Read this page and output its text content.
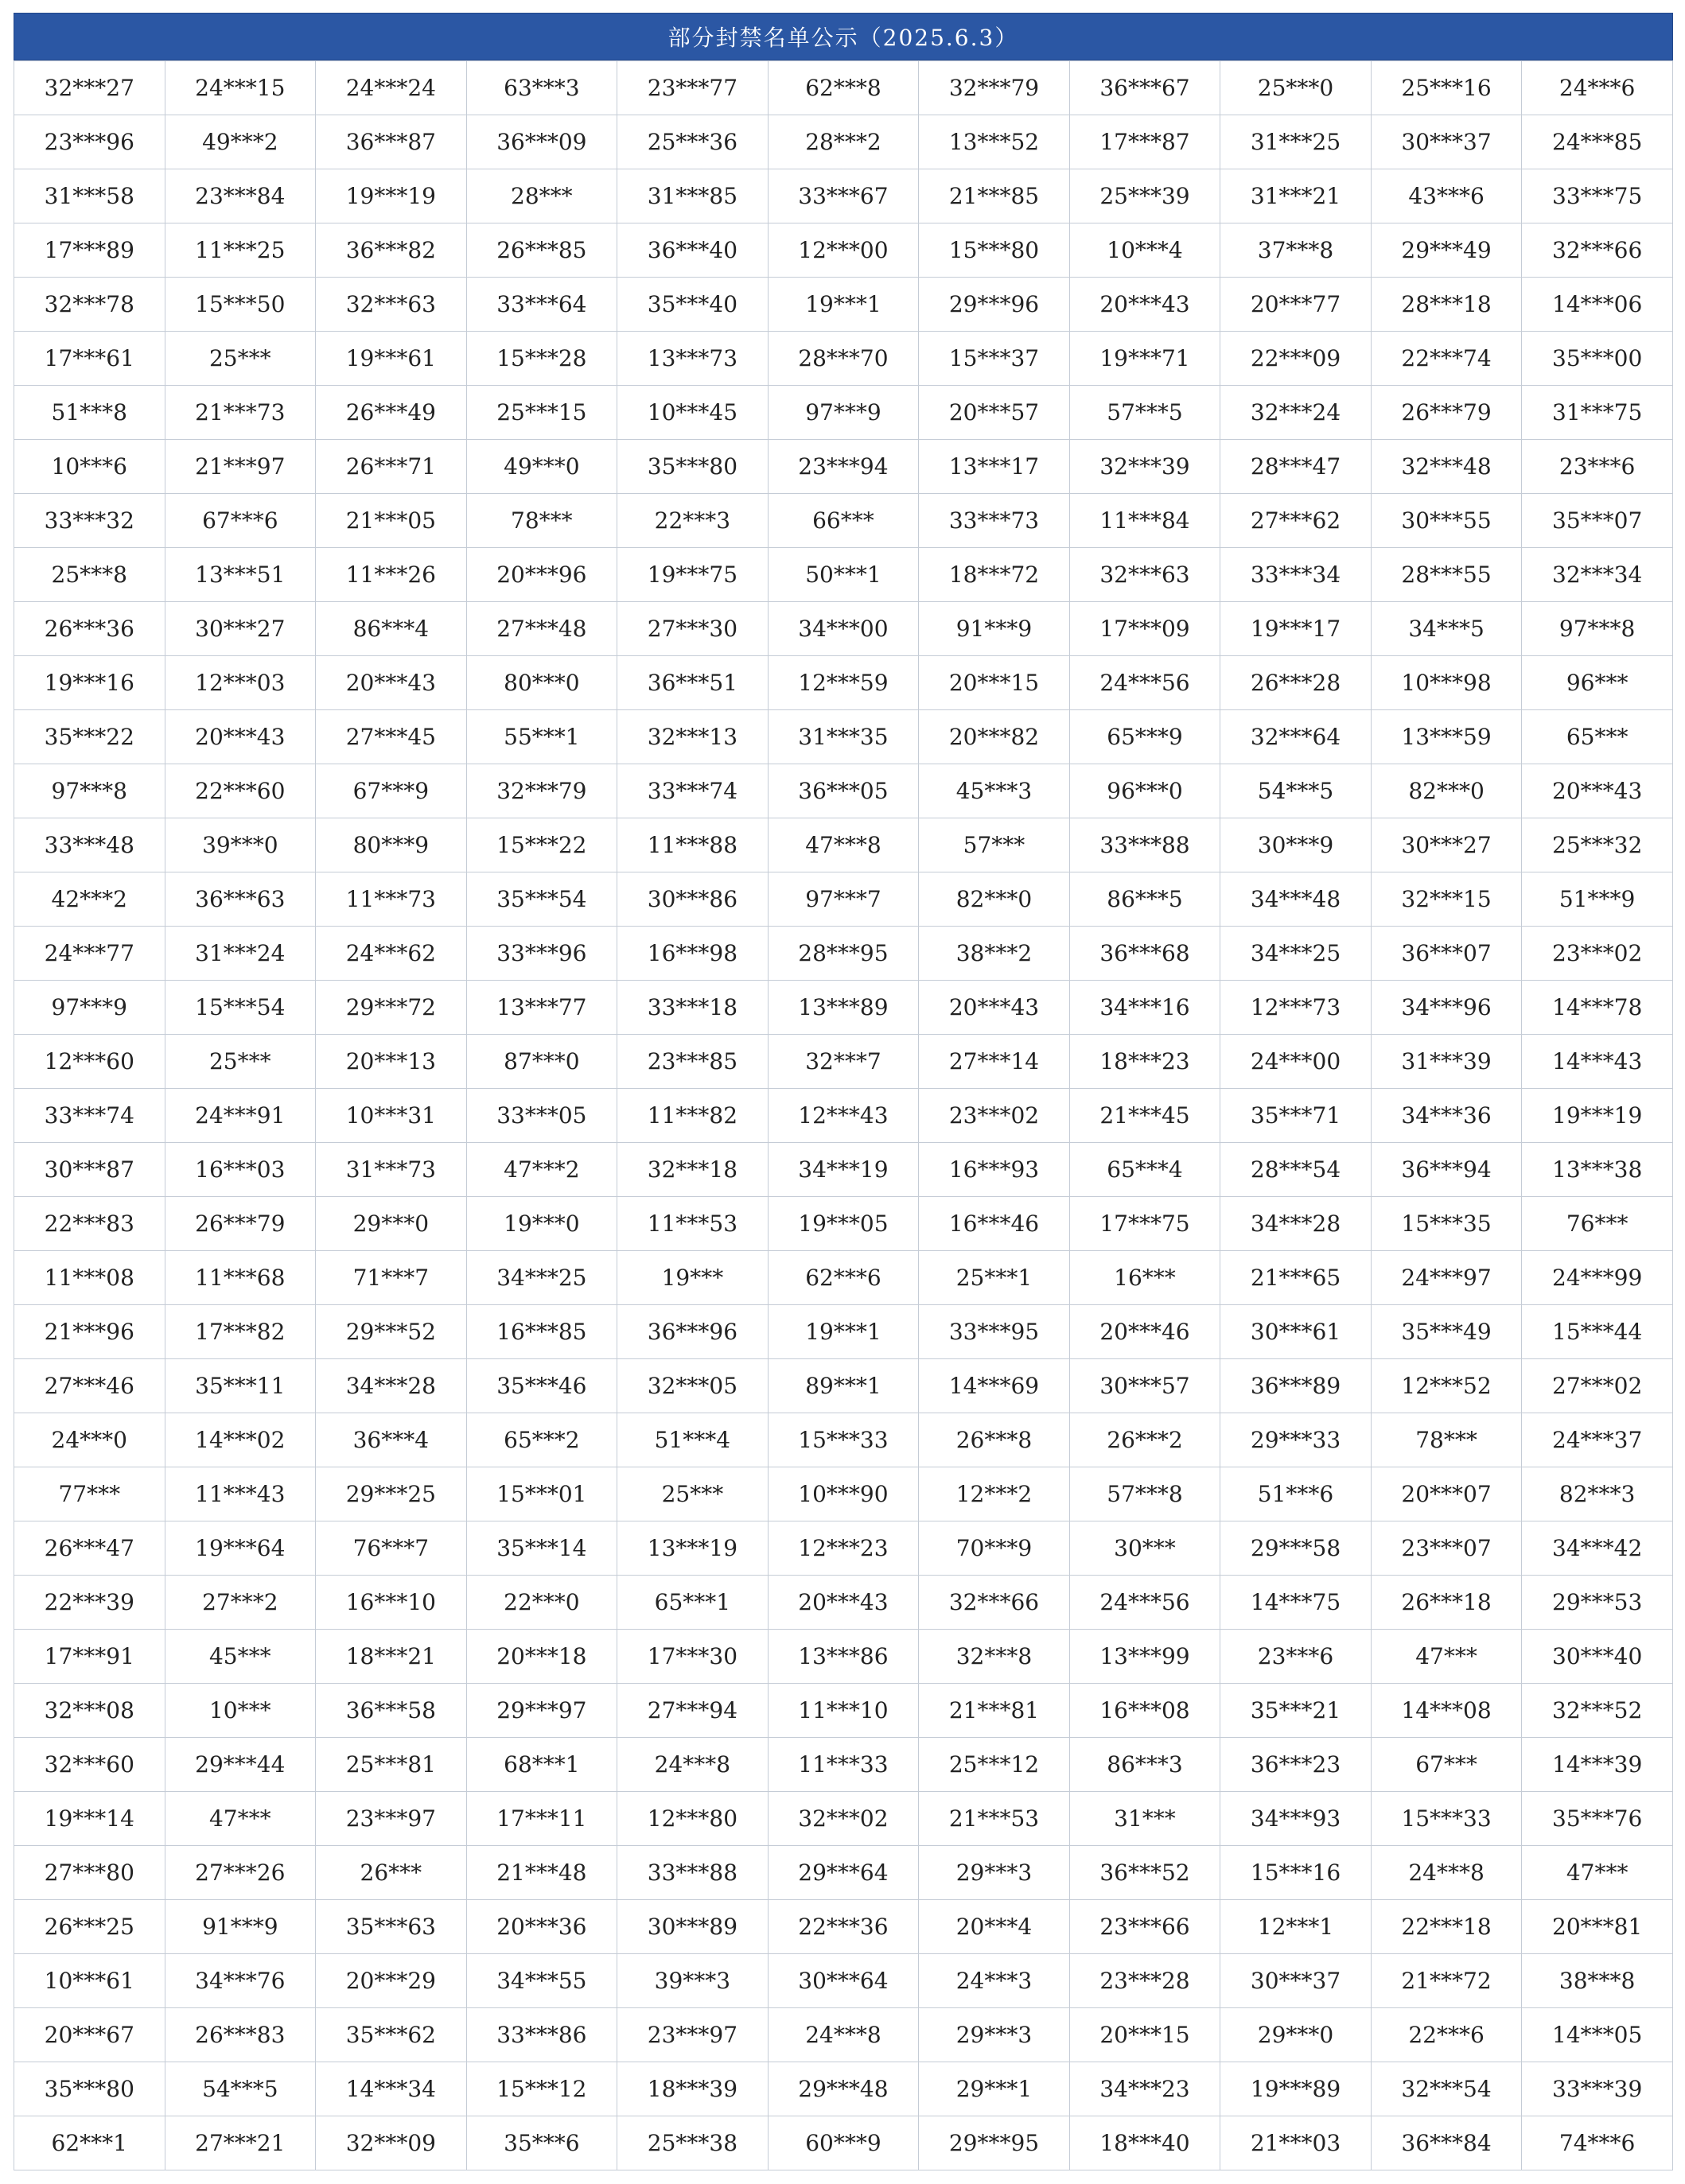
部分封禁名单公示（2025.6.3）
32***27	24***15	24***24	63***3	23***77	62***8	32***79	36***67	25***0	25***16	24***6
23***96	49***2	36***87	36***09	25***36	28***2	13***52	17***87	31***25	30***37	24***85
31***58	23***84	19***19	28***	31***85	33***67	21***85	25***39	31***21	43***6	33***75
17***89	11***25	36***82	26***85	36***40	12***00	15***80	10***4	37***8	29***49	32***66
32***78	15***50	32***63	33***64	35***40	19***1	29***96	20***43	20***77	28***18	14***06
17***61	25***	19***61	15***28	13***73	28***70	15***37	19***71	22***09	22***74	35***00
51***8	21***73	26***49	25***15	10***45	97***9	20***57	57***5	32***24	26***79	31***75
10***6	21***97	26***71	49***0	35***80	23***94	13***17	32***39	28***47	32***48	23***6
33***32	67***6	21***05	78***	22***3	66***	33***73	11***84	27***62	30***55	35***07
25***8	13***51	11***26	20***96	19***75	50***1	18***72	32***63	33***34	28***55	32***34
26***36	30***27	86***4	27***48	27***30	34***00	91***9	17***09	19***17	34***5	97***8
19***16	12***03	20***43	80***0	36***51	12***59	20***15	24***56	26***28	10***98	96***
35***22	20***43	27***45	55***1	32***13	31***35	20***82	65***9	32***64	13***59	65***
97***8	22***60	67***9	32***79	33***74	36***05	45***3	96***0	54***5	82***0	20***43
33***48	39***0	80***9	15***22	11***88	47***8	57***	33***88	30***9	30***27	25***32
42***2	36***63	11***73	35***54	30***86	97***7	82***0	86***5	34***48	32***15	51***9
24***77	31***24	24***62	33***96	16***98	28***95	38***2	36***68	34***25	36***07	23***02
97***9	15***54	29***72	13***77	33***18	13***89	20***43	34***16	12***73	34***96	14***78
12***60	25***	20***13	87***0	23***85	32***7	27***14	18***23	24***00	31***39	14***43
33***74	24***91	10***31	33***05	11***82	12***43	23***02	21***45	35***71	34***36	19***19
30***87	16***03	31***73	47***2	32***18	34***19	16***93	65***4	28***54	36***94	13***38
22***83	26***79	29***0	19***0	11***53	19***05	16***46	17***75	34***28	15***35	76***
11***08	11***68	71***7	34***25	19***	62***6	25***1	16***	21***65	24***97	24***99
21***96	17***82	29***52	16***85	36***96	19***1	33***95	20***46	30***61	35***49	15***44
27***46	35***11	34***28	35***46	32***05	89***1	14***69	30***57	36***89	12***52	27***02
24***0	14***02	36***4	65***2	51***4	15***33	26***8	26***2	29***33	78***	24***37
77***	11***43	29***25	15***01	25***	10***90	12***2	57***8	51***6	20***07	82***3
26***47	19***64	76***7	35***14	13***19	12***23	70***9	30***	29***58	23***07	34***42
22***39	27***2	16***10	22***0	65***1	20***43	32***66	24***56	14***75	26***18	29***53
17***91	45***	18***21	20***18	17***30	13***86	32***8	13***99	23***6	47***	30***40
32***08	10***	36***58	29***97	27***94	11***10	21***81	16***08	35***21	14***08	32***52
32***60	29***44	25***81	68***1	24***8	11***33	25***12	86***3	36***23	67***	14***39
19***14	47***	23***97	17***11	12***80	32***02	21***53	31***	34***93	15***33	35***76
27***80	27***26	26***	21***48	33***88	29***64	29***3	36***52	15***16	24***8	47***
26***25	91***9	35***63	20***36	30***89	22***36	20***4	23***66	12***1	22***18	20***81
10***61	34***76	20***29	34***55	39***3	30***64	24***3	23***28	30***37	21***72	38***8
20***67	26***83	35***62	33***86	23***97	24***8	29***3	20***15	29***0	22***6	14***05
35***80	54***5	14***34	15***12	18***39	29***48	29***1	34***23	19***89	32***54	33***39
62***1	27***21	32***09	35***6	25***38	60***9	29***95	18***40	21***03	36***84	74***6
